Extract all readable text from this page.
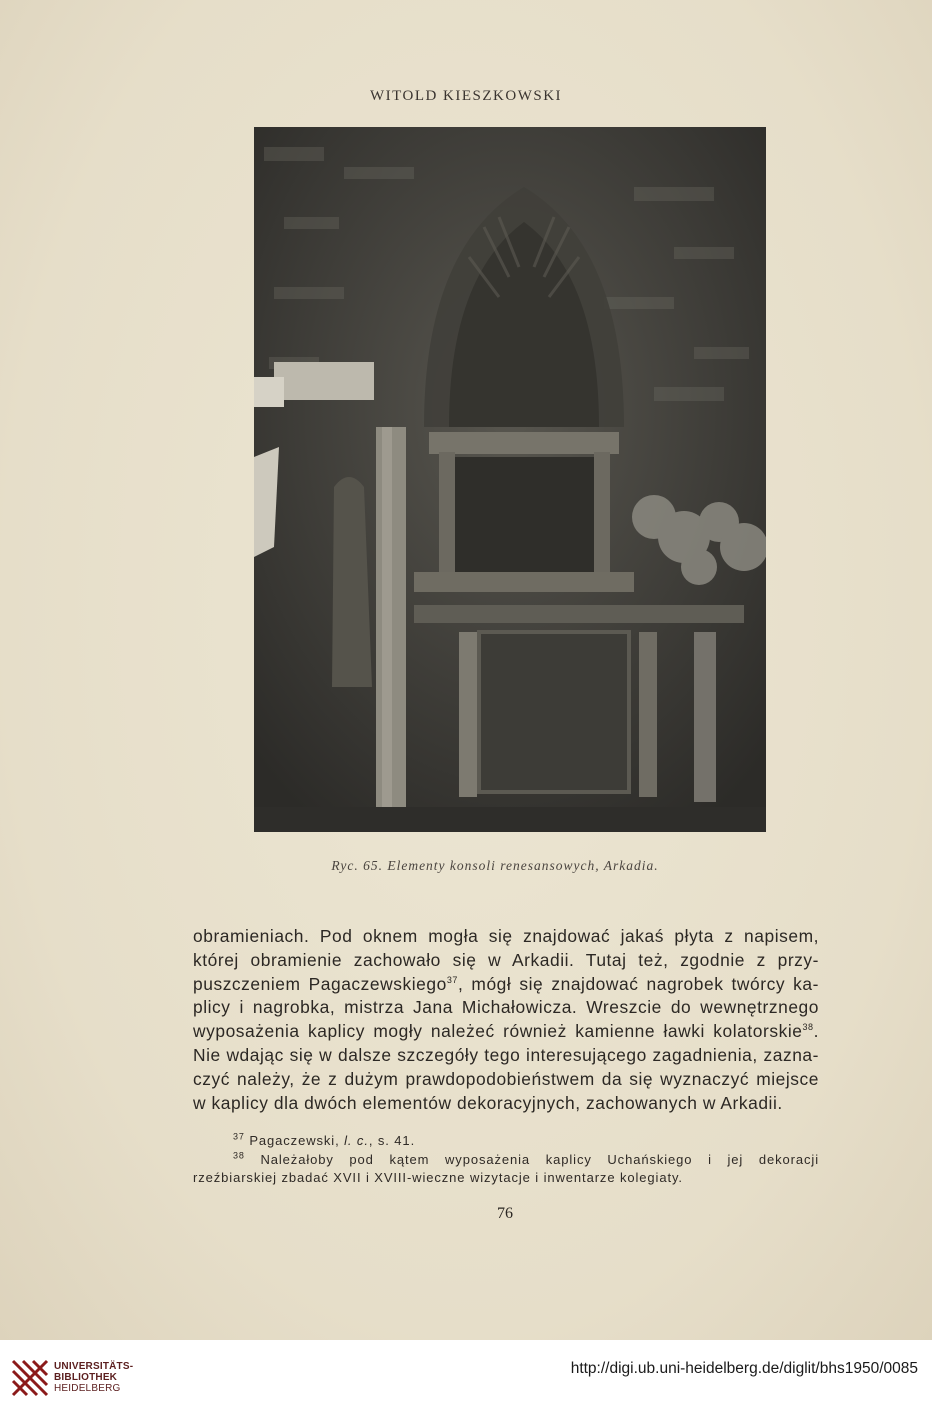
WITOLD KIESZKOWSKI
Ryc. 65. Elementy konsoli renesansowych, Arkadia.
obramieniach. Pod oknem mogła się znajdować jakaś płyta z napisem,
której obramienie zachowało się w Arkadii. Tutaj też, zgodnie z przy-
puszczeniem Pagaczewskiego$^{37}$, mógł się znajdować nagrobek twórcy ka-
plicy i nagrobka, mistrza Jana Michałowicza. Wreszcie do wewnętrznego
wyposażenia kaplicy mogły należeć również kamienne ławki kolatorskie$^{38}$.
Nie wdając się w dalsze szczegóły tego interesującego zagadnienia, zazna-
czyć należy, że z dużym prawdopodobieństwem da się wyznaczyć miejsce
w kaplicy dla dwóch elementów dekoracyjnych, zachowanych w Arkadii.
$^{37}$ Pagaczewski, l. c., s. 41.
$^{38}$ Należałoby pod kątem wyposażenia kaplicy Uchańskiego i jej dekoracji
rzeźbiarskiej zbadać XVII i XVIII-wieczne wizytacje i inwentarze kolegiaty.
76
UNIVERSITÄTS-
BIBLIOTHEK
HEIDELBERG
http://digi.ub.uni-heidelberg.de/diglit/bhs1950/0085
